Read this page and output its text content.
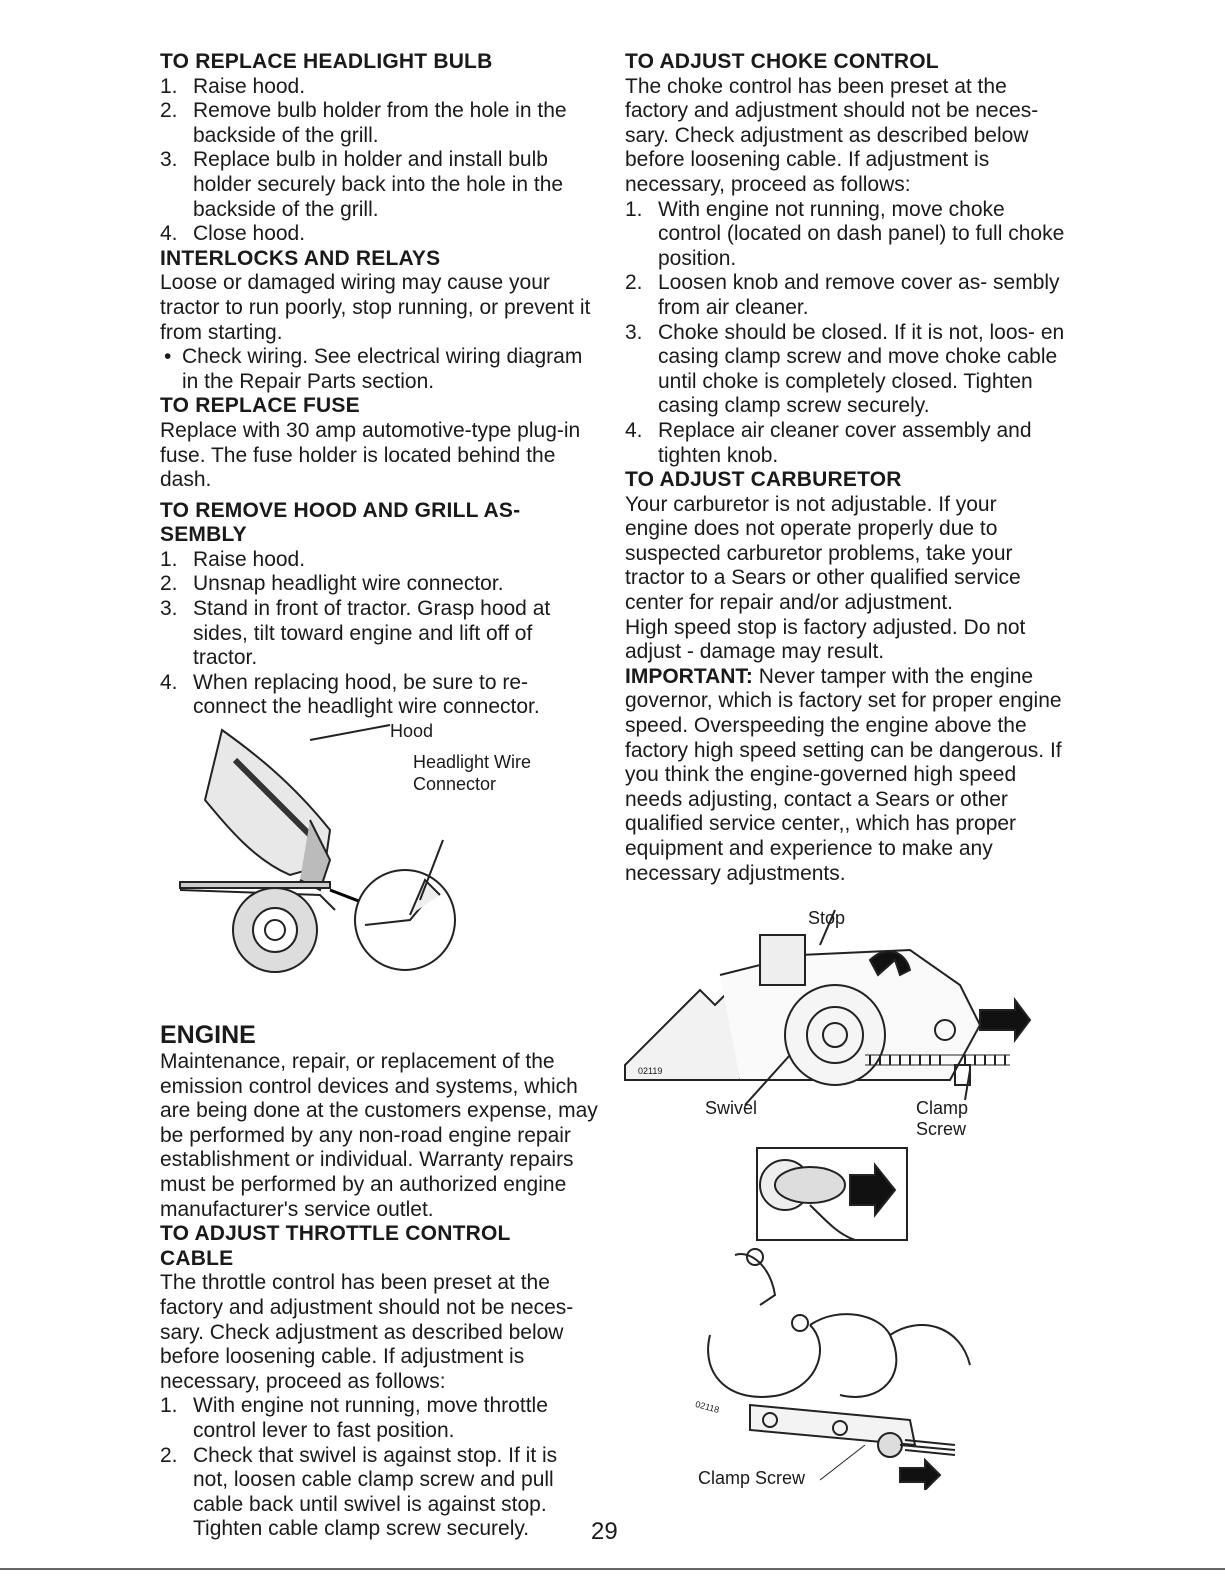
TO REPLACE HEADLIGHT BULB
1. Raise hood.
2. Remove bulb holder from the hole in the backside of the grill.
3. Replace bulb in holder and install bulb holder securely back into the hole in the backside of the grill.
4. Close hood.
INTERLOCKS AND RELAYS

Loose or damaged wiring may cause your tractor to run poorly, stop running, or prevent it from starting.

• Check wiring. See electrical wiring diagram in the Repair Parts section.
TO REPLACE FUSE

Replace with 30 amp automotive-type plug-in fuse. The fuse holder is located behind the dash.

TO REMOVE HOOD AND GRILL AS- SEMBLY
1. Raise hood.
2. Unsnap headlight wire connector.
3. Stand in front of tractor. Grasp hood at sides, tilt toward engine and lift off of tractor.
4. When replacing hood, be sure to re- connect the headlight wire connector.
Hood
Headlight Wire
Connector
ENGINE

Maintenance, repair, or replacement of the emission control devices and systems, which are being done at the customers expense, may be performed by any non-road engine repair establishment or individual. Warranty repairs must be performed by an authorized engine manufacturer's service outlet.

TO ADJUST THROTTLE CONTROL CABLE

The throttle control has been preset at the factory and adjustment should not be neces- sary. Check adjustment as described below before loosening cable. If adjustment is necessary, proceed as follows:

1. With engine not running, move throttle control lever to fast position.
2. Check that swivel is against stop. If it is not, loosen cable clamp screw and pull cable back until swivel is against stop. Tighten cable clamp screw securely.
TO ADJUST CHOKE CONTROL

The choke control has been preset at the factory and adjustment should not be neces- sary. Check adjustment as described below before loosening cable. If adjustment is necessary, proceed as follows:

1. With engine not running, move choke control (located on dash panel) to full choke position.
2. Loosen knob and remove cover as- sembly from air cleaner.
3. Choke should be closed. If it is not, loos- en casing clamp screw and move choke cable until choke is completely closed. Tighten casing clamp screw securely.
4. Replace air cleaner cover assembly and tighten knob.
TO ADJUST CARBURETOR

Your carburetor is not adjustable. If your engine does not operate properly due to suspected carburetor problems, take your tractor to a Sears or other qualified service center for repair and/or adjustment.

High speed stop is factory adjusted. Do not adjust - damage may result.

IMPORTANT: Never tamper with the engine governor, which is factory set for proper engine speed. Overspeeding the engine above the factory high speed setting can be dangerous. If you think the engine-governed high speed needs adjusting, contact a Sears or other qualified service center,, which has proper equipment and experience to make any necessary adjustments.

Stop
02119
Swivel	Clamp
Screw
02118
Clamp Screw
29
